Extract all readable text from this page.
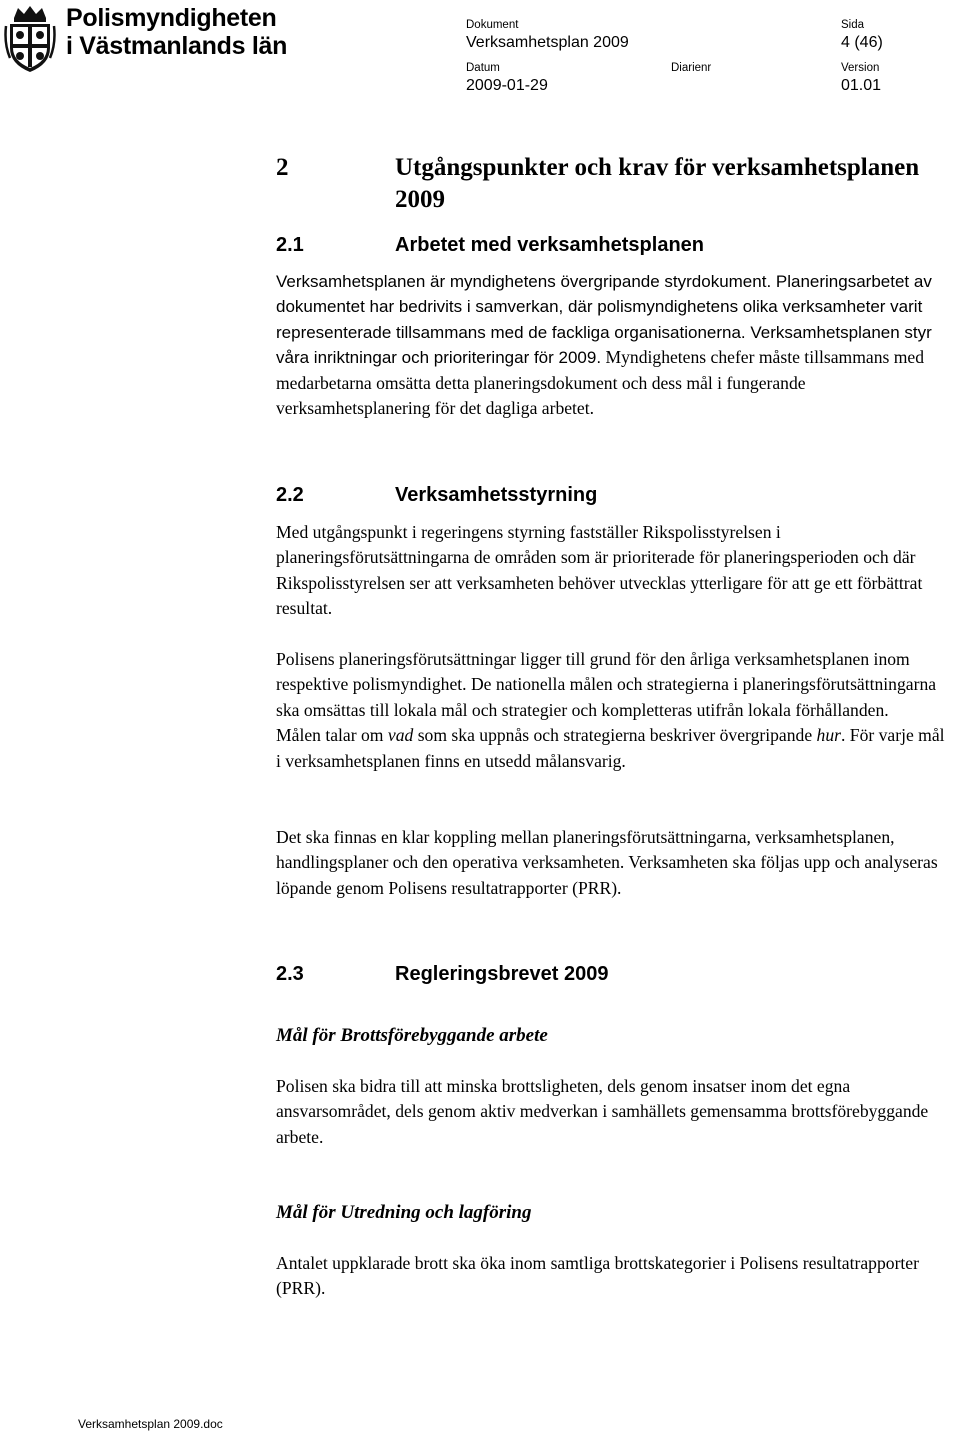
Polismyndigheten
i Västmanlands län
Dokument
Verksamhetsplan 2009
Sida
4 (46)
Datum
2009-01-29
Diarienr	Version
01.01
2	Utgångspunkter och krav för verksamhetsplanen 2009
2.1	Arbetet med verksamhetsplanen
Verksamhetsplanen är myndighetens övergripande styrdokument. Planeringsarbetet av dokumentet har bedrivits i samverkan, där polismyndighetens olika verksamheter varit representerade tillsammans med de fackliga organisationerna. Verksamhetsplanen styr våra inriktningar och prioriteringar för 2009. Myndighetens chefer måste tillsammans med medarbetarna omsätta detta planeringsdokument och dess mål i fungerande verksamhetsplanering för det dagliga arbetet.
2.2	Verksamhetsstyrning
Med utgångspunkt i regeringens styrning fastställer Rikspolisstyrelsen i planeringsförutsättningarna de områden som är prioriterade för planeringsperioden och där Rikspolisstyrelsen ser att verksamheten behöver utvecklas ytterligare för att ge ett förbättrat resultat.
Polisens planeringsförutsättningar ligger till grund för den årliga verksamhetsplanen inom respektive polismyndighet. De nationella målen och strategierna i planeringsförutsättningarna ska omsättas till lokala mål och strategier och kompletteras utifrån lokala förhållanden.
Målen talar om vad som ska uppnås och strategierna beskriver övergripande hur. För varje mål i verksamhetsplanen finns en utsedd målansvarig.
Det ska finnas en klar koppling mellan planeringsförutsättningarna, verksamhetsplanen, handlingsplaner och den operativa verksamheten. Verksamheten ska följas upp och analyseras löpande genom Polisens resultatrapporter (PRR).
2.3	Regleringsbrevet 2009
Mål för Brottsförebyggande arbete
Polisen ska bidra till att minska brottsligheten, dels genom insatser inom det egna ansvarsområdet, dels genom aktiv medverkan i samhällets gemensamma brottsförebyggande arbete.
Mål för Utredning och lagföring
Antalet uppklarade brott ska öka inom samtliga brottskategorier i Polisens resultatrapporter (PRR).
Verksamhetsplan 2009.doc
